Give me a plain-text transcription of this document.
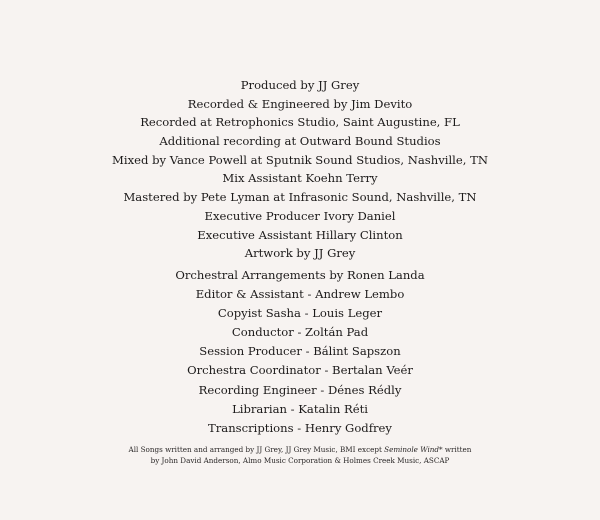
Produced by JJ Grey
Recorded & Engineered by Jim Devito
Recorded at Retrophonics Studio, Saint Augustine, FL
Additional recording at Outward Bound Studios
Mixed by Vance Powell at Sputnik Sound Studios, Nashville, TN
Mix Assistant Koehn Terry
Mastered by Pete Lyman at Infrasonic Sound, Nashville, TN
Executive Producer Ivory Daniel
Executive Assistant Hillary Clinton
Artwork by JJ Grey
Orchestral Arrangements by Ronen Landa
Editor & Assistant - Andrew Lembo
Copyist Sasha - Louis Leger
Conductor - Zoltán Pad
Session Producer - Bálint Sapszon
Orchestra Coordinator - Bertalan Veér
Recording Engineer - Dénes Rédly
Librarian - Katalin Réti
Transcriptions - Henry Godfrey

All Songs written and arranged by JJ Grey, JJ Grey Music, BMI except Seminole Wind* written
by John David Anderson, Almo Music Corporation & Holmes Creek Music, ASCAP
